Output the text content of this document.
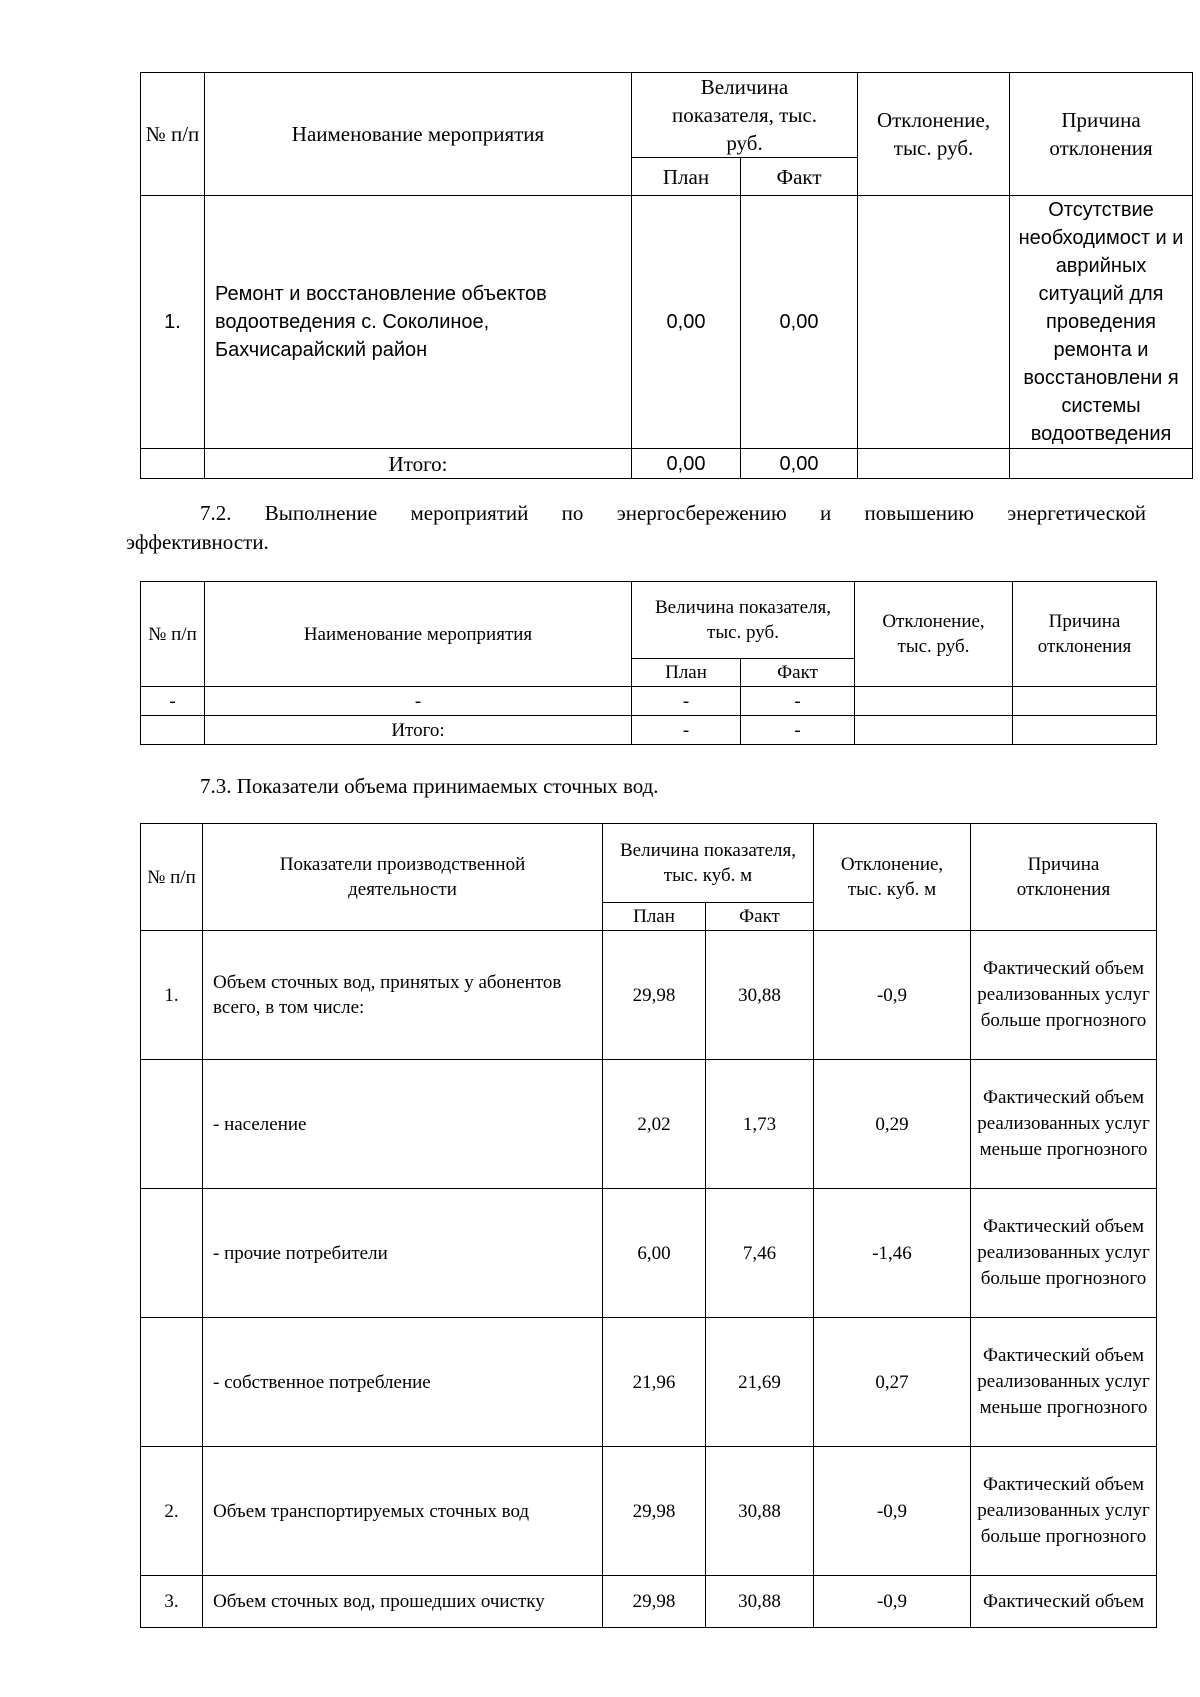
№ п/п	Наименование мероприятия	Величина показателя, тыс. руб.		Отклонение, тыс. руб.	Причина отклонения
		План	Факт		
1.	Ремонт и восстановление объектов водоотведения с. Соколиное, Бахчисарайский район	0,00	0,00		Отсутствие необходимост и и аврийных ситуаций для проведения ремонта и восстановлени я системы водоотведения
	Итого:	0,00	0,00		
7.2. Выполнение мероприятий по энергосбережению и повышению энергетической
эффективности.
№ п/п	Наименование мероприятия	Величина показателя, тыс. руб.		Отклонение, тыс. руб.	Причина отклонения
		План	Факт		
-	-	-	-		
	Итого:	-	-		
7.3. Показатели объема принимаемых сточных вод.
№ п/п	Показатели производственной деятельности	Величина показателя, тыс. куб. м		Отклонение, тыс. куб. м	Причина отклонения
		План	Факт		
1.	Объем сточных вод, принятых у абонентов всего, в том числе:	29,98	30,88	-0,9	Фактический объем реализованных услуг больше прогнозного
	- население	2,02	1,73	0,29	Фактический объем реализованных услуг меньше прогнозного
	- прочие потребители	6,00	7,46	-1,46	Фактический объем реализованных услуг больше прогнозного
	- собственное потребление	21,96	21,69	0,27	Фактический объем реализованных услуг меньше прогнозного
2.	Объем транспортируемых сточных вод	29,98	30,88	-0,9	Фактический объем реализованных услуг больше прогнозного
3.	Объем сточных вод, прошедших очистку	29,98	30,88	-0,9	Фактический объем
